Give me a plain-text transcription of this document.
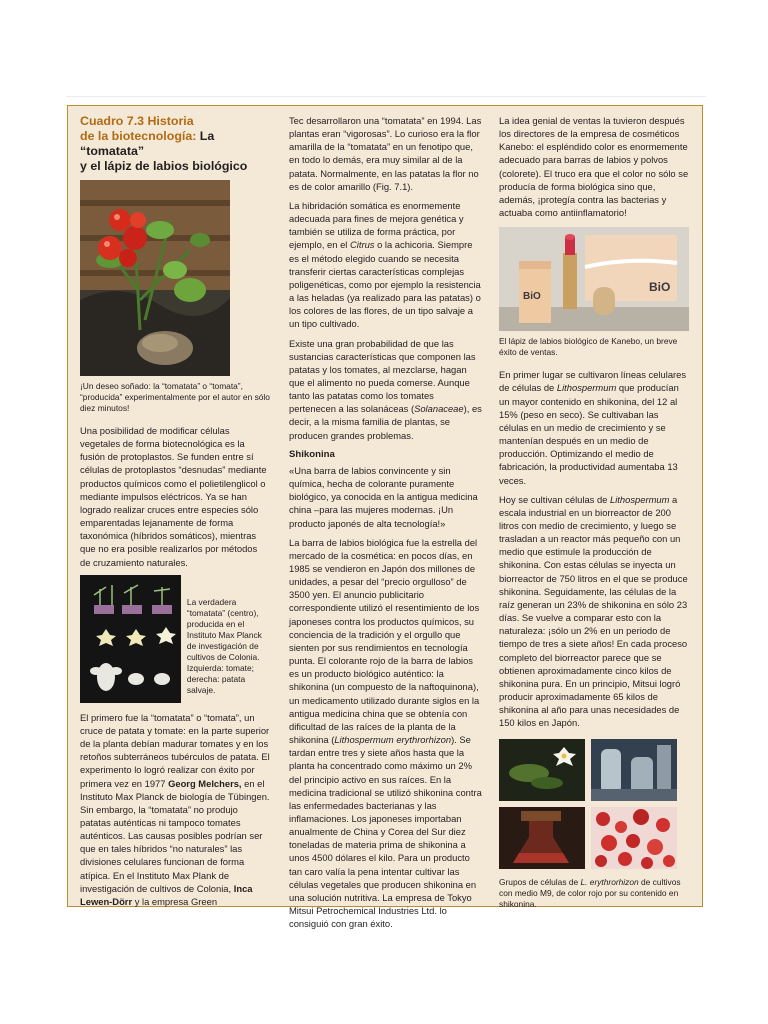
Cuadro 7.3 Historia
de la biotecnología: La “tomatata”
y el lápiz de labios biológico
¡Un deseo soñado: la “tomatata” o “tomata”, “producida” experimentalmente por el autor en sólo diez minutos!

Una posibilidad de modificar células vegetales de forma biotecnológica es la fusión de protoplastos. Se funden entre sí células de protoplastos “desnudas” mediante productos químicos como el polietilenglicol o mediante impulsos eléctricos. Ya se han logrado realizar cruces entre especies sólo emparentadas lejanamente de forma taxonómica (híbridos somáticos), mientras que no era posible realizarlos por métodos de cruzamiento naturales.

La verdadera “tomatata” (centro), producida en el Instituto Max Planck de investigación de cultivos de Colonia. Izquierda: tomate; derecha: patata salvaje.

El primero fue la “tomatata” o “tomata”, un cruce de patata y tomate: en la parte superior de la planta debían madurar tomates y en los retoños subterráneos tubérculos de patata. El experimento lo logró realizar con éxito por primera vez en 1977 Georg Melchers, en el Instituto Max Planck de biología de Tübingen. Sin embargo, la “tomatata” no produjo patatas auténticas ni tampoco tomates auténticos. Las causas posibles podrían ser que en tales híbridos “no naturales” las divisiones celulares funcionan de forma atípica. En el Instituto Max Plank de investigación de cultivos de Colonia, Inca Lewen-Dörr y la empresa Green

Tec desarrollaron una “tomatata” en 1994. Las plantas eran “vigorosas”. Lo curioso era la flor amarilla de la “tomatata” en un fenotipo que, en todo lo demás, era muy similar al de la patata. Normalmente, en las patatas la flor no es de color amarillo (Fig. 7.1).

La hibridación somática es enormemente adecuada para fines de mejora genética y también se utiliza de forma práctica, por ejemplo, en el Citrus o la achicoria. Siempre es el método elegido cuando se necesita transferir ciertas características complejas poligenéticas, como por ejemplo la resistencia a las heladas (ya realizado para las patatas) o los colores de las flores, de un tipo salvaje a un tipo cultivado.

Existe una gran probabilidad de que las sustancias características que componen las patatas y los tomates, al mezclarse, hagan que el alimento no pueda comerse. Aunque tanto las patatas como los tomates pertenecen a las solanáceas (Solanaceae), es decir, a la misma familia de plantas, se producen grandes problemas.

Shikonina

«Una barra de labios convincente y sin química, hecha de colorante puramente biológico, ya conocida en la antigua medicina china –para las mujeres modernas. ¡Un producto japonés de alta tecnología!»

La barra de labios biológica fue la estrella del mercado de la cosmética: en pocos días, en 1985 se vendieron en Japón dos millones de unidades, a pesar del “precio orgulloso” de 3500 yen. El anuncio publicitario correspondiente utilizó el resentimiento de los japoneses contra los productos químicos, su conciencia de la tradición y el orgullo que sienten por sus rendimientos en tecnología punta. El colorante rojo de la barra de labios es un producto biológico auténtico: la shikonina (un compuesto de la naftoquinona), un medicamento utilizado durante siglos en la antigua medicina china que se obtenía con dificultad de las raíces de la planta de la shikonina (Lithospermum erythrorhizon). Se tardan entre tres y siete años hasta que la planta ha concentrado como máximo un 2% del principio activo en sus raíces. En la medicina tradicional se utilizó shikonina contra las enfermedades bacterianas y las inflamaciones. Los japoneses importaban anualmente de China y Corea del Sur diez toneladas de materia prima de shikonina a unos 4500 dólares el kilo. Para un producto tan caro valía la pena intentar cultivar las células vegetales que producen shikonina en una solución nutritiva. La empresa de Tokyo Mitsui Petrochemical Industries Ltd. lo consiguió con gran éxito.

La idea genial de ventas la tuvieron después los directores de la empresa de cosméticos Kanebo: el espléndido color es enormemente adecuado para barras de labios y polvos (colorete). El truco era que el color no sólo se producía de forma biológica sino que, además, ¡protegía contra las bacterias y actuaba como antiinflamatorio!

BiO
BiO
El lápiz de labios biológico de Kanebo, un breve éxito de ventas.

En primer lugar se cultivaron líneas celulares de células de Lithospermum que producían un mayor contenido en shikonina, del 12 al 15% (peso en seco). Se cultivaban las células en un medio de crecimiento y se mantenían después en un medio de producción. Optimizando el medio de fabricación, la productividad aumentaba 13 veces.

Hoy se cultivan células de Lithospermum a escala industrial en un biorreactor de 200 litros con medio de crecimiento, y luego se trasladan a un reactor más pequeño con un medio que estimule la producción de shikonina. Con estas células se inyecta un biorreactor de 750 litros en el que se produce shikonina. Seguidamente, las células de la raíz generan un 23% de shikonina en sólo 23 días. Se vuelve a comparar esto con la naturaleza: ¡sólo un 2% en un periodo de tiempo de tres a siete años! En cada proceso completo del biorreactor parece que se obtienen aproximadamente cinco kilos de shikonina pura. En un principio, Mitsui logró producir aproximadamente 65 kilos de shikonina al año para unas necesidades de 150 kilos en Japón.

Grupos de células de L. erythrorhizon de cultivos con medio M9, de color rojo por su contenido en shikonina.
